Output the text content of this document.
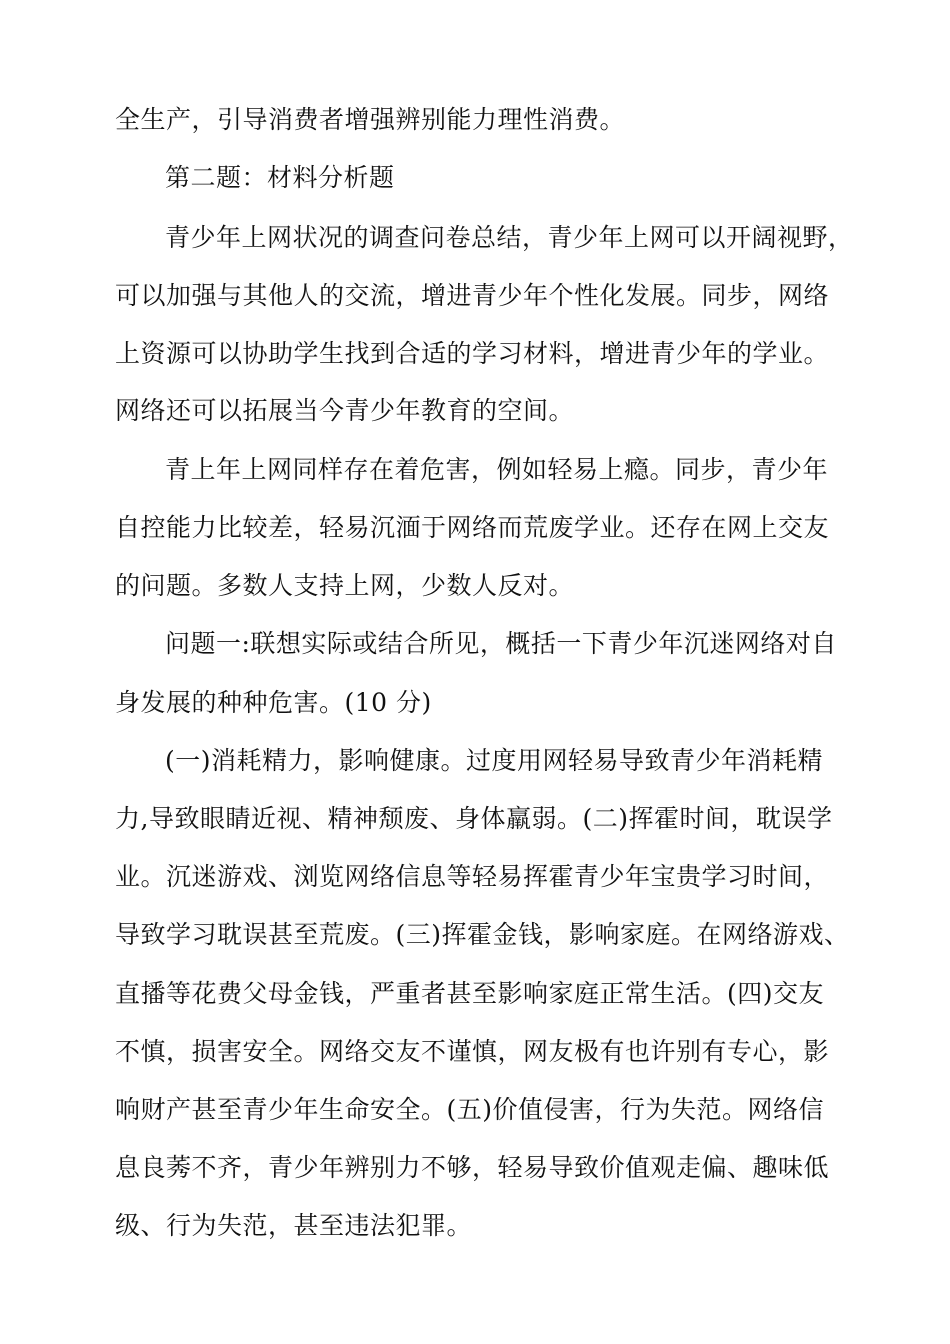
全生产，引导消费者增强辨别能力理性消费。

第二题：材料分析题

青少年上网状况的调查问卷总结，青少年上网可以开阔视野，

可以加强与其他人的交流，增进青少年个性化发展。同步，网络

上资源可以协助学生找到合适的学习材料，增进青少年的学业。

网络还可以拓展当今青少年教育的空间。

青上年上网同样存在着危害，例如轻易上瘾。同步，青少年

自控能力比较差，轻易沉湎于网络而荒废学业。还存在网上交友

的问题。多数人支持上网，少数人反对。

问题一:联想实际或结合所见，概括一下青少年沉迷网络对自

身发展的种种危害。(10 分)

(一)消耗精力，影响健康。过度用网轻易导致青少年消耗精

力,导致眼睛近视、精神颓废、身体羸弱。(二)挥霍时间，耽误学

业。沉迷游戏、浏览网络信息等轻易挥霍青少年宝贵学习时间，

导致学习耽误甚至荒废。(三)挥霍金钱，影响家庭。在网络游戏、

直播等花费父母金钱，严重者甚至影响家庭正常生活。(四)交友

不慎，损害安全。网络交友不谨慎，网友极有也许别有专心，影

响财产甚至青少年生命安全。(五)价值侵害，行为失范。网络信

息良莠不齐，青少年辨别力不够，轻易导致价值观走偏、趣味低

级、行为失范，甚至违法犯罪。
